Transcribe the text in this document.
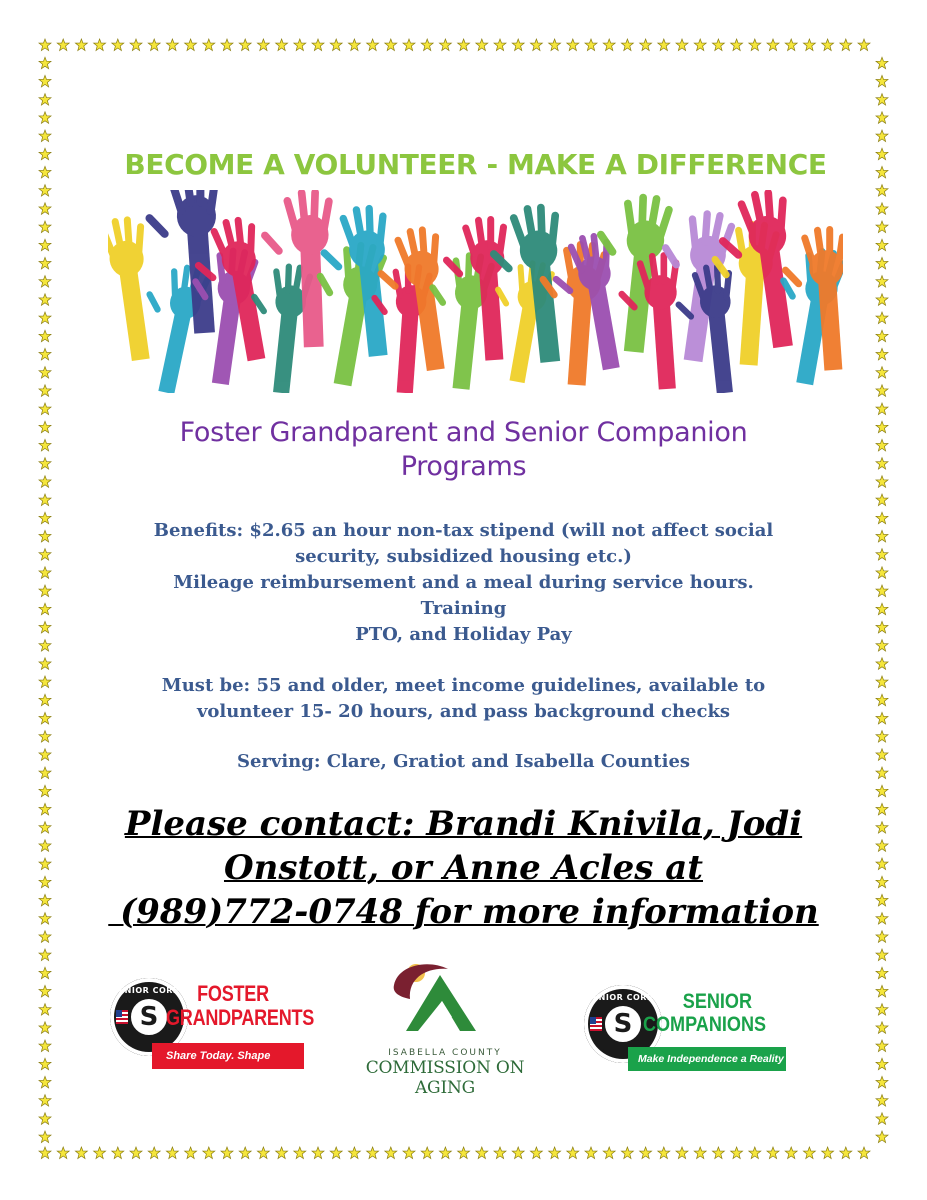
BECOME A VOLUNTEER - MAKE A DIFFERENCE
Foster Grandparent and Senior Companion
Programs
Benefits: $2.65 an hour non-tax stipend (will not affect social
security, subsidized housing etc.)
Mileage reimbursement and a meal during service hours.
Training
PTO, and Holiday Pay
Must be: 55 and older, meet income guidelines, available to
volunteer 15- 20 hours, and pass background checks
Serving: Clare, Gratiot and Isabella Counties
Please contact: Brandi Knivila, Jodi
Onstott, or Anne Acles at
(989)772-0748 for more information
SENIOR CORPS
S
FOSTER
GRANDPARENTS
Share Today. Shape Tomorrow.
ISABELLA COUNTY
COMMISSION ON AGING
SENIOR CORPS
S
SENIOR
COMPANIONS
Make Independence a Reality
